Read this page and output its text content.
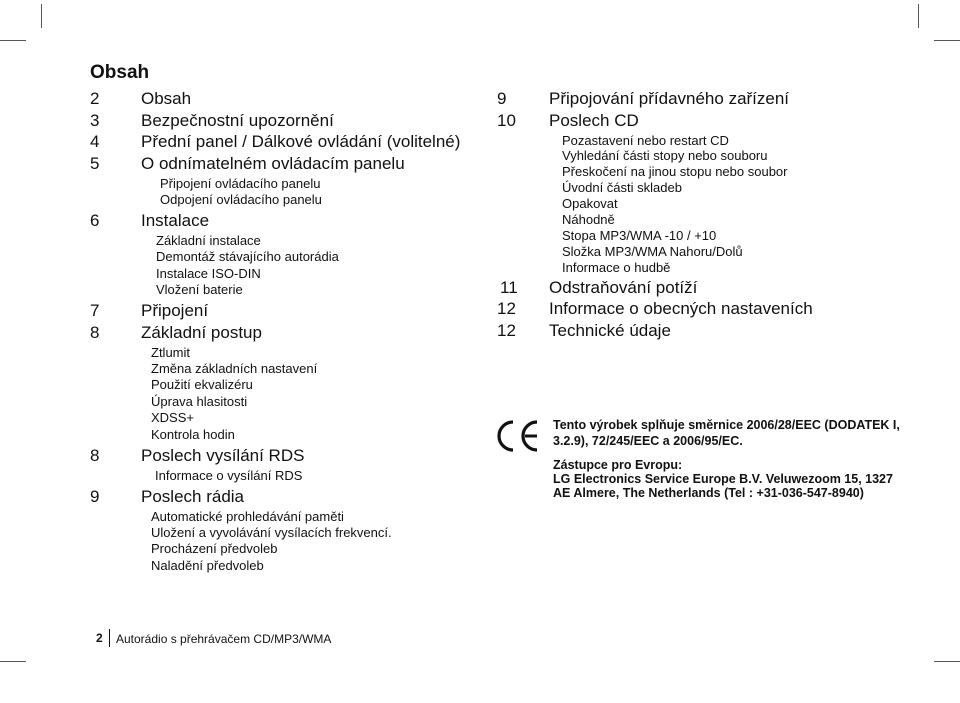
Obsah
2 Obsah
3 Bezpečnostní upozornění
4 Přední panel / Dálkové ovládání (volitelné)
5 O odnímatelném ovládacím panelu
Připojení ovládacího panelu
Odpojení ovládacího panelu
6 Instalace
Základní instalace
Demontáž stávajícího autorádia
Instalace ISO-DIN
Vložení baterie
7 Připojení
8 Základní postup
Ztlumit
Změna základních nastavení
Použití ekvalizéru
Úprava hlasitosti
XDSS+
Kontrola hodin
8 Poslech vysílání RDS
Informace o vysílání RDS
9 Poslech rádia
Automatické prohledávání paměti
Uložení a vyvolávání vysílacích frekvencí.
Procházení předvoleb
Naladění předvoleb
9	Připojování přídavného zařízení
10 Poslech CD
Pozastavení nebo restart CD
Vyhledání části stopy nebo souboru
Přeskočení na jinou stopu nebo soubor
Úvodní části skladeb
Opakovat
Náhodně
Stopa MP3/WMA -10 / +10
Složka MP3/WMA Nahoru/Dolů
Informace o hudbě
11 Odstraňování potíží
12 Informace o obecných nastaveních
12 Technické údaje
Tento výrobek splňuje směrnice 2006/28/EEC (DODATEK I,
3.2.9), 72/245/EEC a 2006/95/EC.
Zástupce pro Evropu:
LG Electronics Service Europe B.V. Veluwezoom 15, 1327
AE Almere, The Netherlands (Tel : +31-036-547-8940)
2 Autorádio s přehrávačem CD/MP3/WMA
